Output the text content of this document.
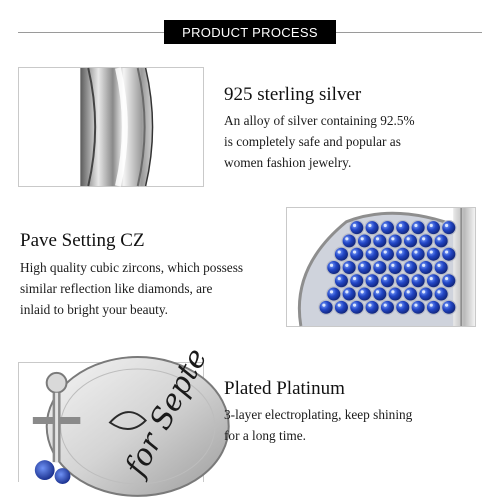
PRODUCT PROCESS
925 sterling silver
An alloy of silver containing 92.5%
is completely safe and popular as
women fashion jewelry.
Pave Setting CZ
High quality cubic zircons, which possess
similar reflection like diamonds, are
inlaid to bright your beauty.
for Septe Plated Platinum
3-layer electroplating, keep shining
for a long time.
